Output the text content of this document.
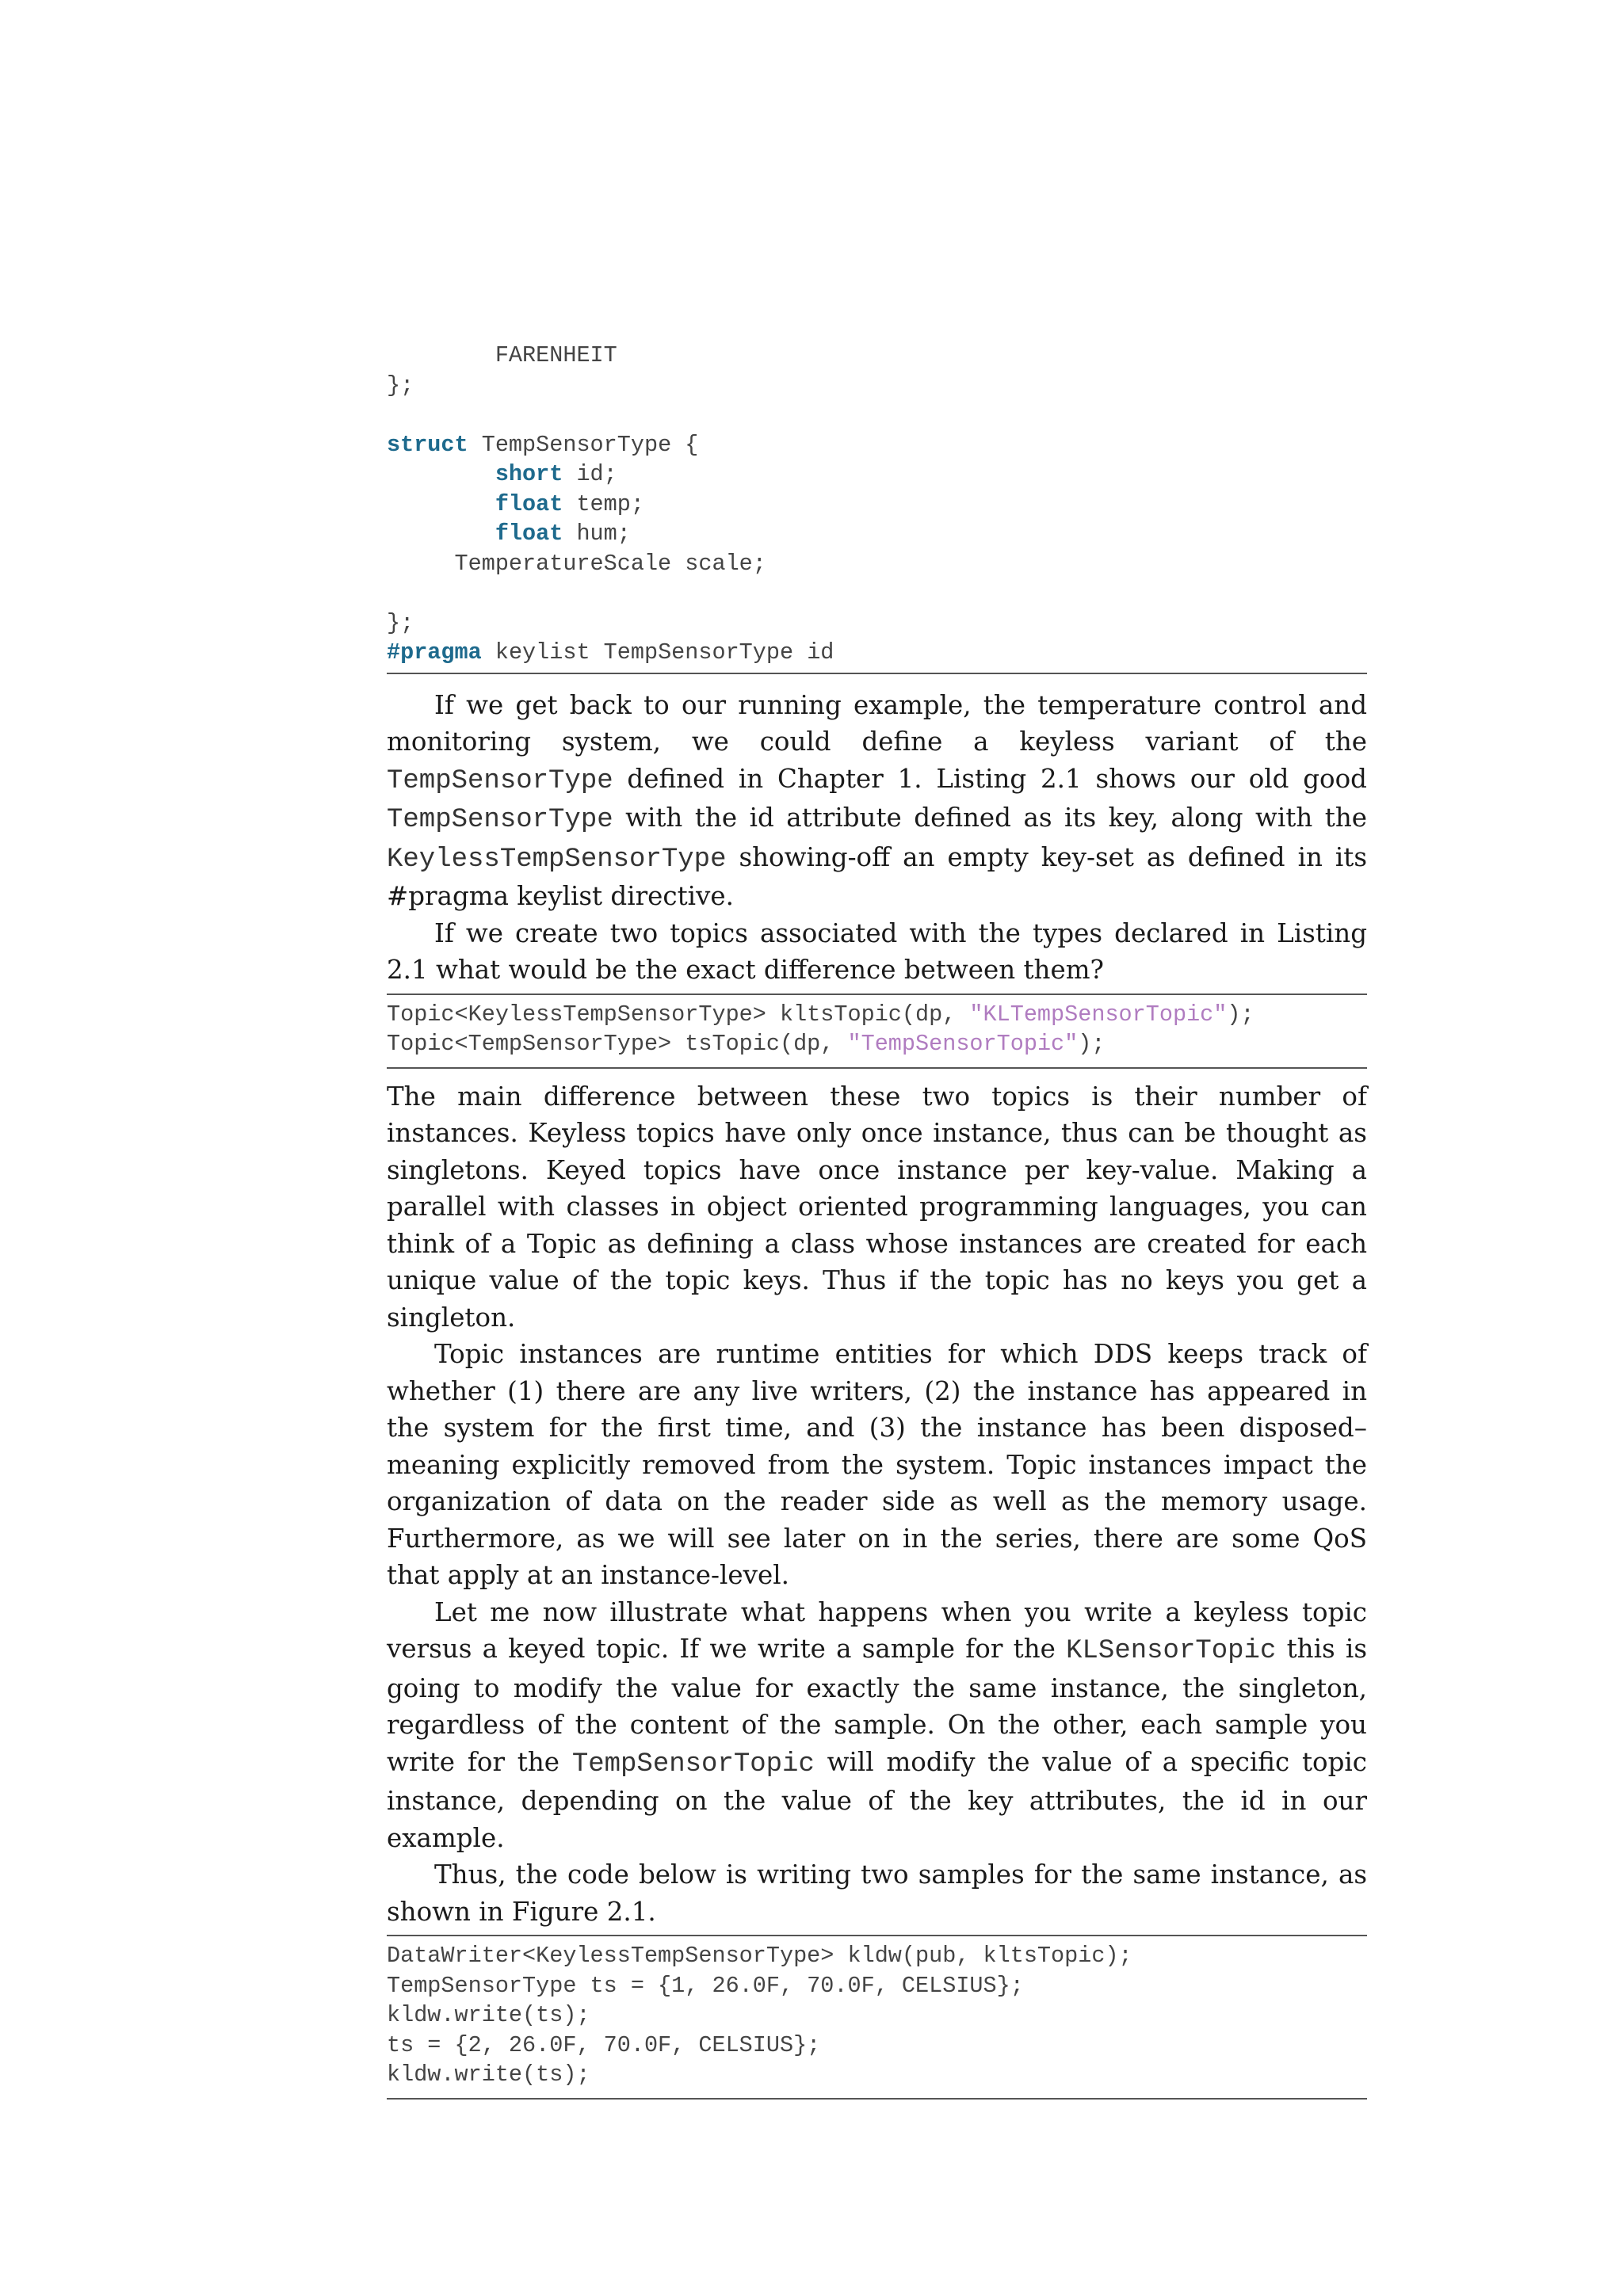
FARENHEIT
};

struct TempSensorType {
short id;
float temp;
float hum;
TemperatureScale scale;

};
#pragma keylist TempSensorType id

If we get back to our running example, the temperature control and monitoring system, we could define a keyless variant of the TempSensorType defined in Chapter 1. Listing 2.1 shows our old good TempSensorType with the id attribute defined as its key, along with the KeylessTempSensorType showing-off an empty key-set as defined in its #pragma keylist directive.

If we create two topics associated with the types declared in Listing 2.1 what would be the exact difference between them?

Topic<KeylessTempSensorType> kltsTopic(dp, "KLTempSensorTopic");
Topic<TempSensorType> tsTopic(dp, "TempSensorTopic");

The main difference between these two topics is their number of instances. Keyless topics have only once instance, thus can be thought as singletons. Keyed topics have once instance per key-value. Making a parallel with classes in object oriented programming languages, you can think of a Topic as defining a class whose instances are created for each unique value of the topic keys. Thus if the topic has no keys you get a singleton.

Topic instances are runtime entities for which DDS keeps track of whether (1) there are any live writers, (2) the instance has appeared in the system for the first time, and (3) the instance has been disposed–meaning explicitly removed from the system. Topic instances impact the organization of data on the reader side as well as the memory usage. Furthermore, as we will see later on in the series, there are some QoS that apply at an instance-level.

Let me now illustrate what happens when you write a keyless topic versus a keyed topic. If we write a sample for the KLSensorTopic this is going to modify the value for exactly the same instance, the singleton, regardless of the content of the sample. On the other, each sample you write for the TempSensorTopic will modify the value of a specific topic instance, depending on the value of the key attributes, the id in our example.

Thus, the code below is writing two samples for the same instance, as shown in Figure 2.1.

DataWriter<KeylessTempSensorType> kldw(pub, kltsTopic);
TempSensorType ts = {1, 26.0F, 70.0F, CELSIUS};
kldw.write(ts);
ts = {2, 26.0F, 70.0F, CELSIUS};
kldw.write(ts);
